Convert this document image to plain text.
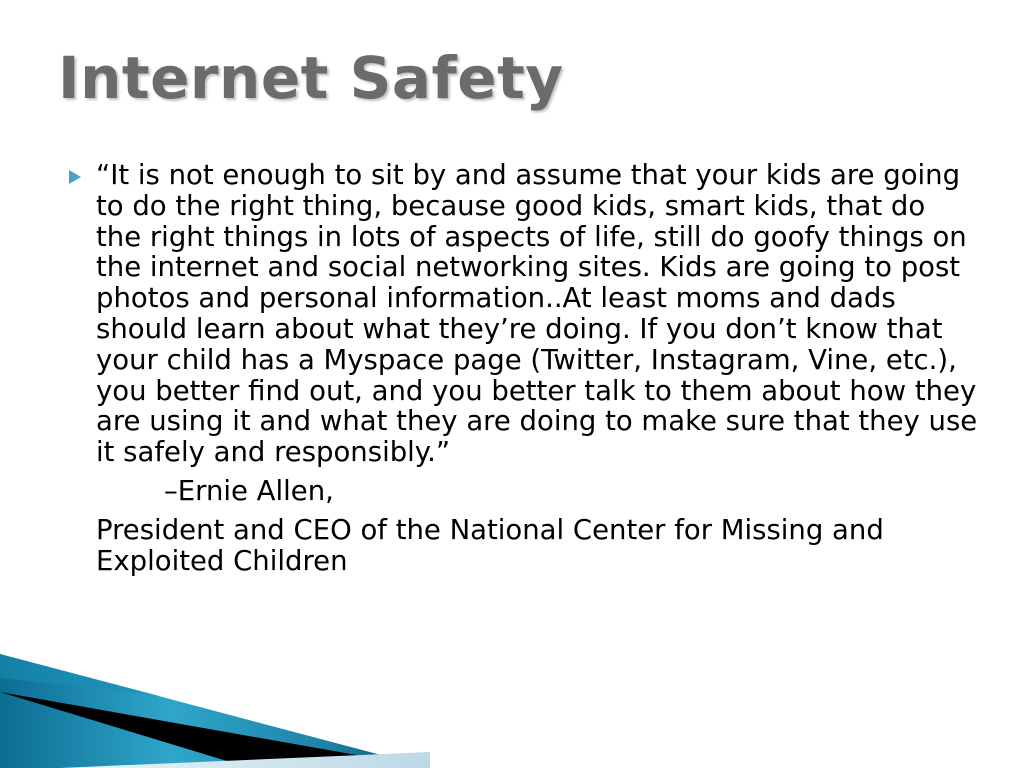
Internet Safety
“It is not enough to sit by and assume that your kids are going to do the right thing, because good kids, smart kids, that do the right things in lots of aspects of life, still do goofy things on the internet and social networking sites. Kids are going to post photos and personal information..At least moms and dads should learn about what they’re doing. If you don’t know that your child has a Myspace page (Twitter, Instagram, Vine, etc.), you better find out, and you better talk to them about how they are using it and what they are doing to make sure that they use it safely and responsibly.”
–Ernie Allen,
President and CEO of the National Center for Missing and Exploited Children
